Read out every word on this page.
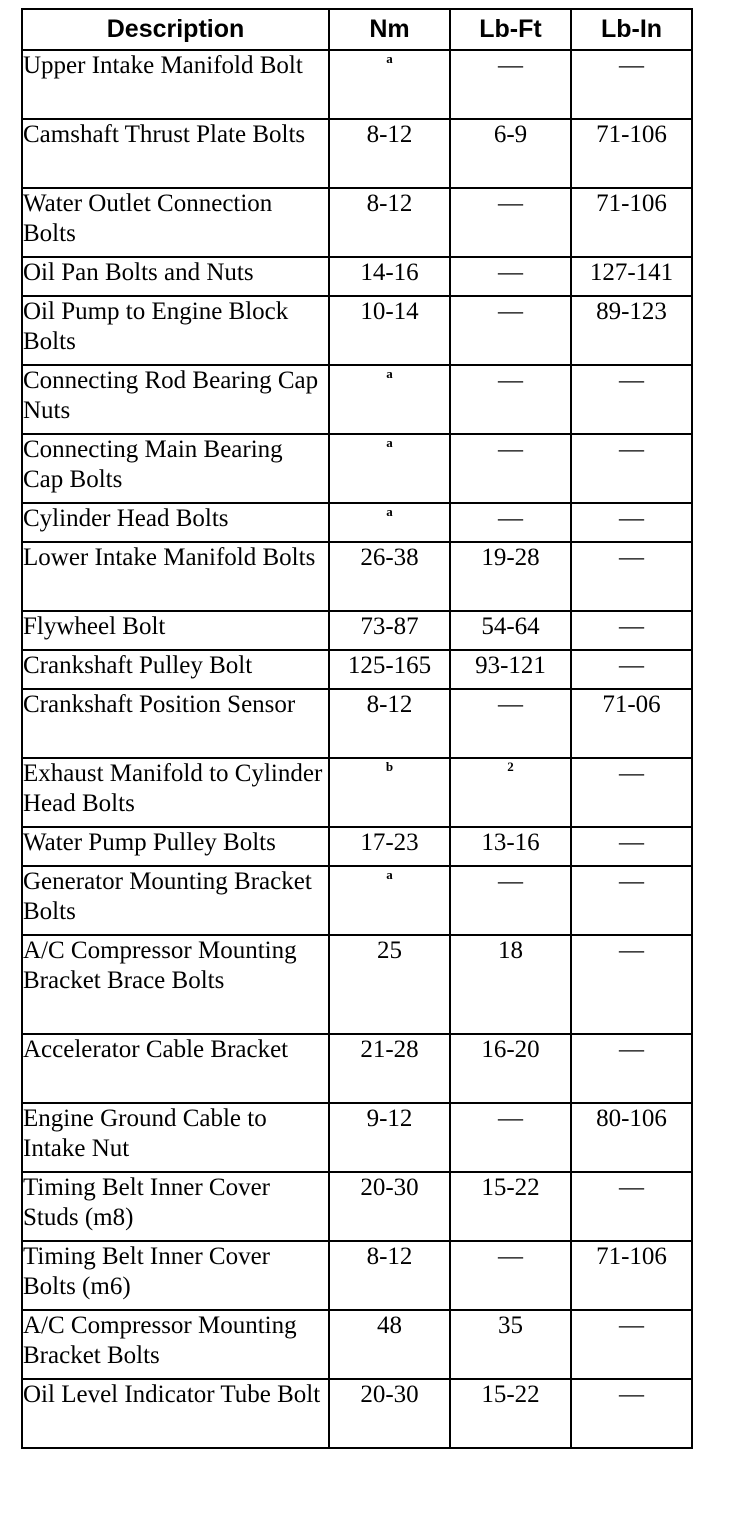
Description	Nm	Lb-Ft	Lb-In
Upper Intake Manifold Bolt	a	—	—
Camshaft Thrust Plate Bolts	8-12	6-9	71-106
Water Outlet Connection Bolts	8-12	—	71-106
Oil Pan Bolts and Nuts	14-16	—	127-141
Oil Pump to Engine Block Bolts	10-14	—	89-123
Connecting Rod Bearing Cap Nuts	a	—	—
Connecting Main Bearing Cap Bolts	a	—	—
Cylinder Head Bolts	a	—	—
Lower Intake Manifold Bolts	26-38	19-28	—
Flywheel Bolt	73-87	54-64	—
Crankshaft Pulley Bolt	125-165	93-121	—
Crankshaft Position Sensor	8-12	—	71-06
Exhaust Manifold to Cylinder Head Bolts	b	2	—
Water Pump Pulley Bolts	17-23	13-16	—
Generator Mounting Bracket Bolts	a	—	—
A/C Compressor Mounting Bracket Brace Bolts	25	18	—
Accelerator Cable Bracket	21-28	16-20	—
Engine Ground Cable to Intake Nut	9-12	—	80-106
Timing Belt Inner Cover Studs (m8)	20-30	15-22	—
Timing Belt Inner Cover Bolts (m6)	8-12	—	71-106
A/C Compressor Mounting Bracket Bolts	48	35	—
Oil Level Indicator Tube Bolt	20-30	15-22	—
